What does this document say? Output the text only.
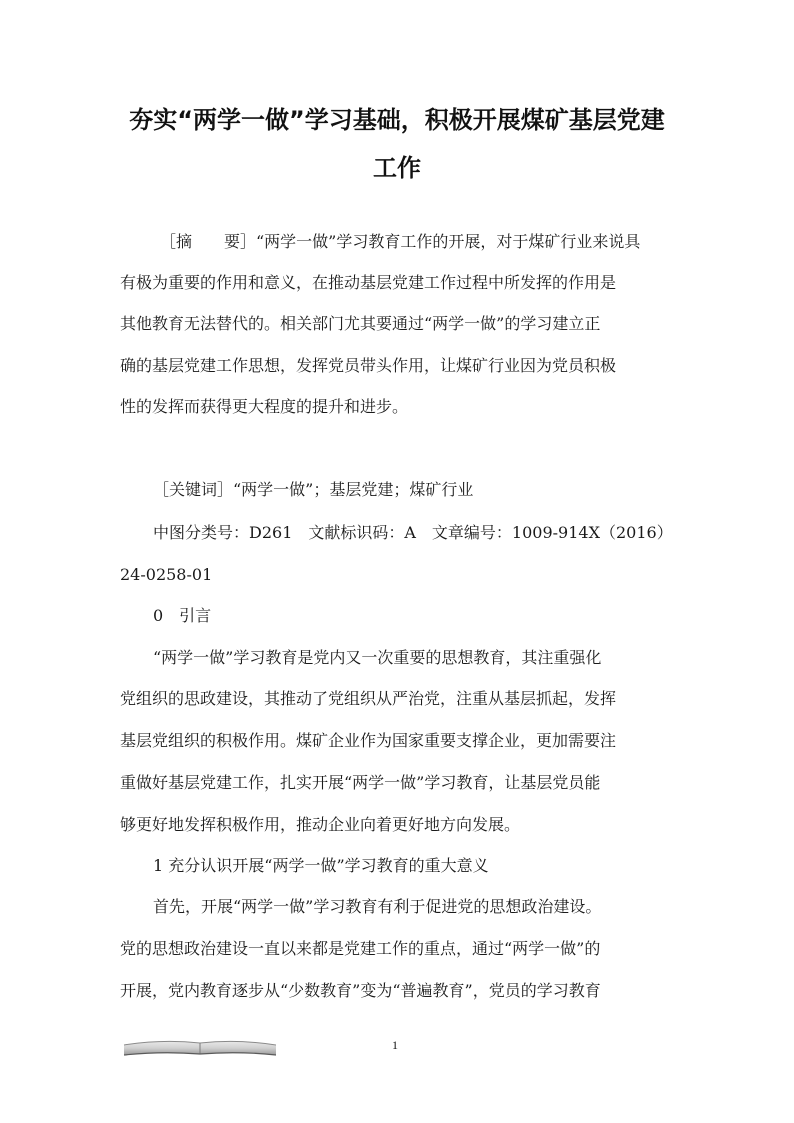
夯实“两学一做”学习基础，积极开展煤矿基层党建
工作
［摘　　要］“两学一做”学习教育工作的开展，对于煤矿行业来说具
有极为重要的作用和意义，在推动基层党建工作过程中所发挥的作用是
其他教育无法替代的。相关部门尤其要通过“两学一做”的学习建立正
确的基层党建工作思想，发挥党员带头作用，让煤矿行业因为党员积极
性的发挥而获得更大程度的提升和进步。
［关键词］“两学一做”；基层党建；煤矿行业
中图分类号：D261　文献标识码：A　文章编号：1009-914X（2016）
24-0258-01
0　引言
“两学一做”学习教育是党内又一次重要的思想教育，其注重强化
党组织的思政建设，其推动了党组织从严治党，注重从基层抓起，发挥
基层党组织的积极作用。煤矿企业作为国家重要支撑企业，更加需要注
重做好基层党建工作，扎实开展“两学一做”学习教育，让基层党员能
够更好地发挥积极作用，推动企业向着更好地方向发展。
1 充分认识开展“两学一做”学习教育的重大意义
首先，开展“两学一做”学习教育有利于促进党的思想政治建设。
党的思想政治建设一直以来都是党建工作的重点，通过“两学一做”的
开展，党内教育逐步从“少数教育”变为“普遍教育”，党员的学习教育
1
